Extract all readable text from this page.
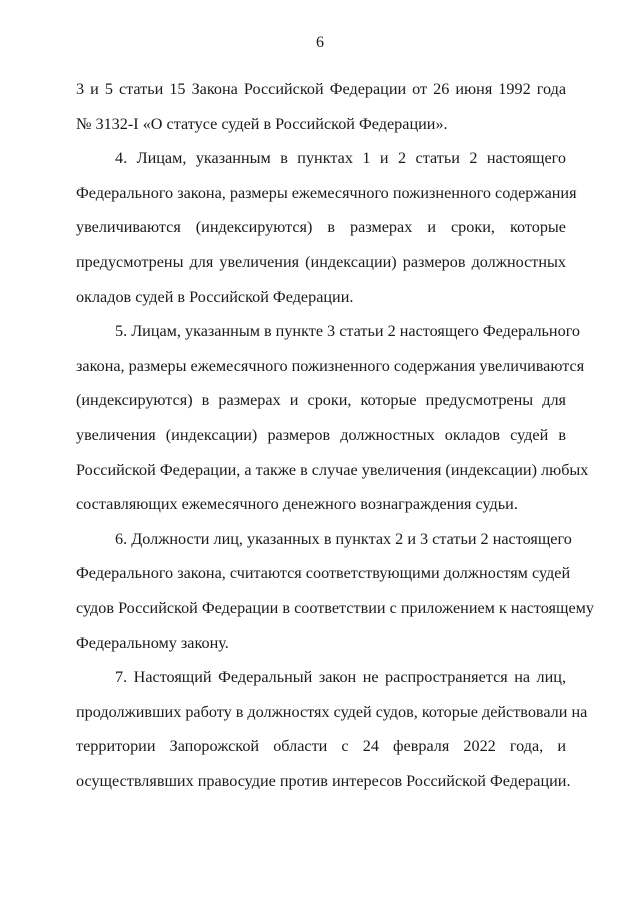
6
3 и 5 статьи 15 Закона Российской Федерации от 26 июня 1992 года
№ 3132-I «О статусе судей в Российской Федерации».
4. Лицам, указанным в пунктах 1 и 2 статьи 2 настоящего
Федерального закона, размеры ежемесячного пожизненного содержания
увеличиваются (индексируются) в размерах и сроки, которые
предусмотрены для увеличения (индексации) размеров должностных
окладов судей в Российской Федерации.
5. Лицам, указанным в пункте 3 статьи 2 настоящего Федерального
закона, размеры ежемесячного пожизненного содержания увеличиваются
(индексируются) в размерах и сроки, которые предусмотрены для
увеличения (индексации) размеров должностных окладов судей в
Российской Федерации, а также в случае увеличения (индексации) любых
составляющих ежемесячного денежного вознаграждения судьи.
6. Должности лиц, указанных в пунктах 2 и 3 статьи 2 настоящего
Федерального закона, считаются соответствующими должностям судей
судов Российской Федерации в соответствии с приложением к настоящему
Федеральному закону.
7. Настоящий Федеральный закон не распространяется на лиц,
продолживших работу в должностях судей судов, которые действовали на
территории Запорожской области с 24 февраля 2022 года, и
осуществлявших правосудие против интересов Российской Федерации.
